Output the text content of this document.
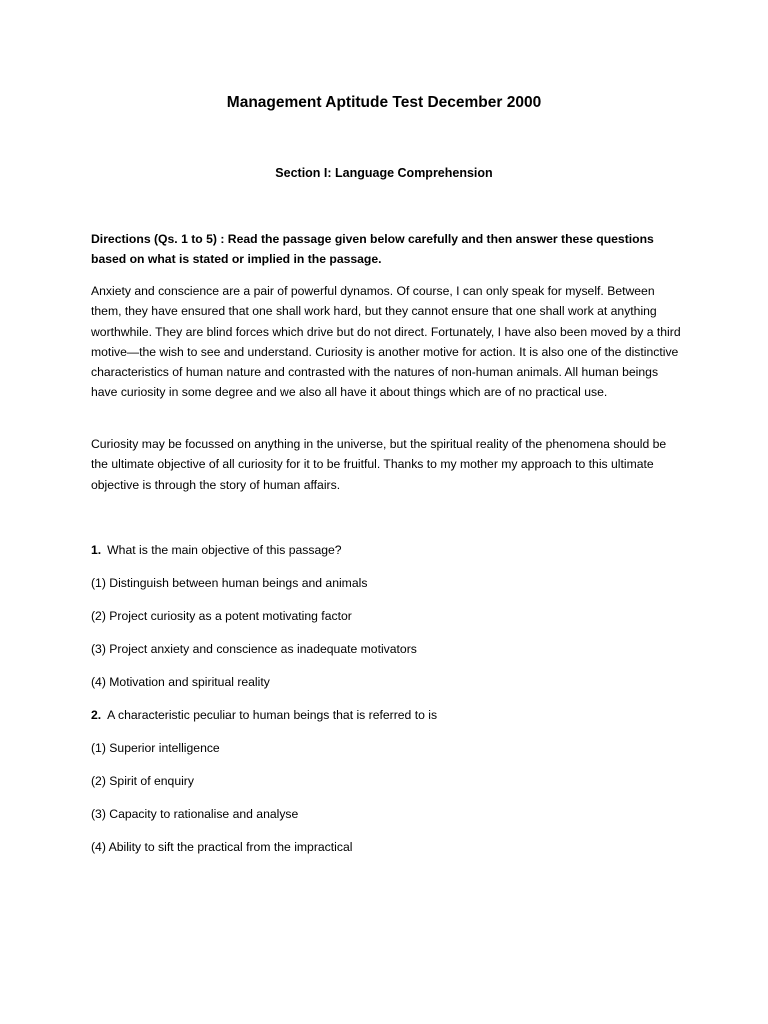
Management Aptitude Test December 2000
Section I: Language Comprehension

Directions (Qs. 1 to 5) : Read the passage given below carefully and then answer these questions based on what is stated or implied in the passage.

Anxiety and conscience are a pair of powerful dynamos. Of course, I can only speak for myself. Between them, they have ensured that one shall work hard, but they cannot ensure that one shall work at anything worthwhile. They are blind forces which drive but do not direct. Fortunately, I have also been moved by a third motive—the wish to see and understand. Curiosity is another motive for action. It is also one of the distinctive characteristics of human nature and contrasted with the natures of non-human animals. All human beings have curiosity in some degree and we also all have it about things which are of no practical use.

Curiosity may be focussed on anything in the universe, but the spiritual reality of the phenomena should be the ultimate objective of all curiosity for it to be fruitful. Thanks to my mother my approach to this ultimate objective is through the story of human affairs.

1. What is the main objective of this passage?
(1) Distinguish between human beings and animals
(2) Project curiosity as a potent motivating factor
(3) Project anxiety and conscience as inadequate motivators
(4) Motivation and spiritual reality
2. A characteristic peculiar to human beings that is referred to is
(1) Superior intelligence
(2) Spirit of enquiry
(3) Capacity to rationalise and analyse
(4) Ability to sift the practical from the impractical
